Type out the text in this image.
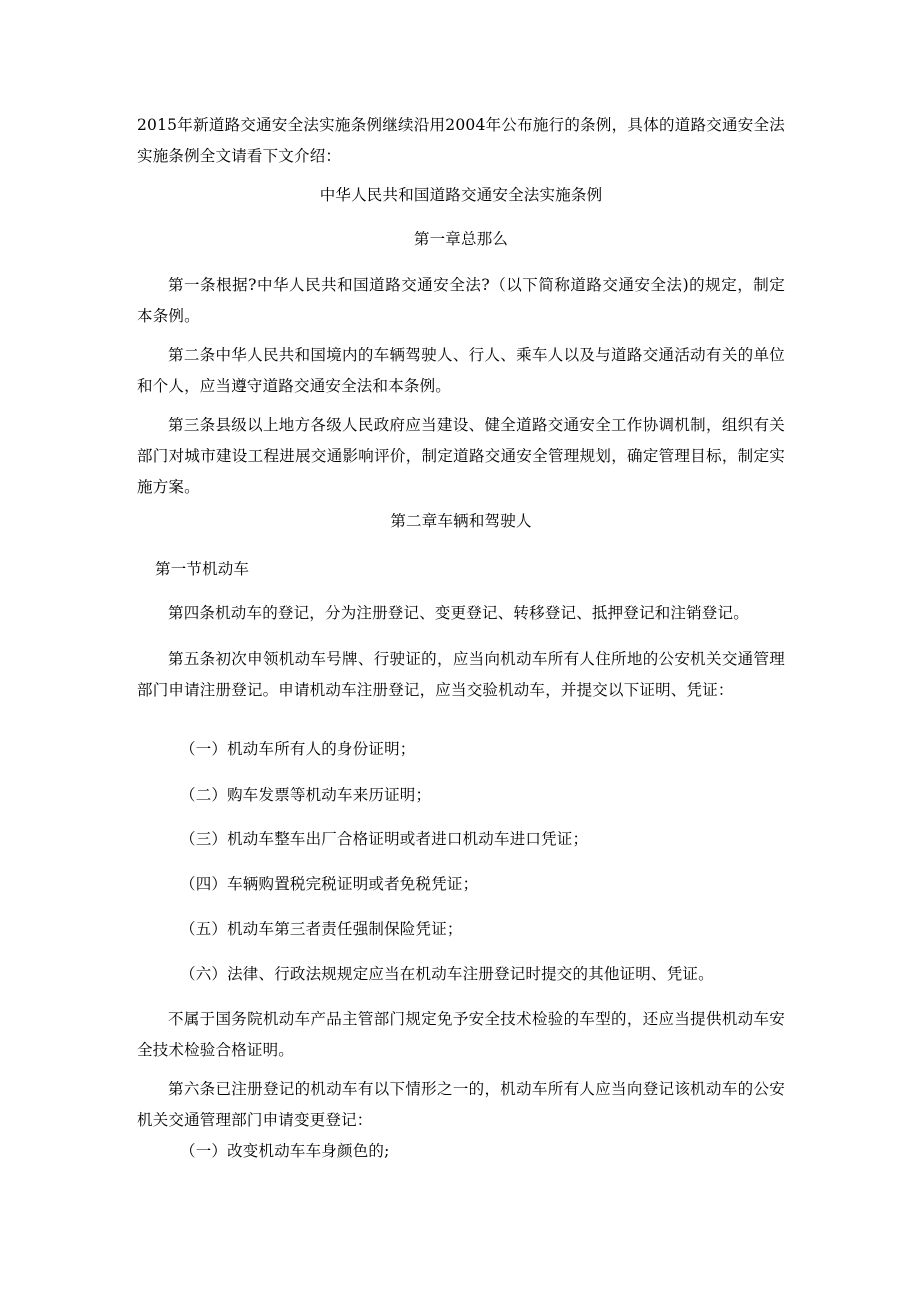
2015年新道路交通安全法实施条例继续沿用2004年公布施行的条例，具体的道路交通安全法实施条例全文请看下文介绍：

中华人民共和国道路交通安全法实施条例

第一章总那么

第一条根据?中华人民共和国道路交通安全法?（以下简称道路交通安全法)的规定，制定本条例。

第二条中华人民共和国境内的车辆驾驶人、行人、乘车人以及与道路交通活动有关的单位和个人，应当遵守道路交通安全法和本条例。

第三条县级以上地方各级人民政府应当建设、健全道路交通安全工作协调机制，组织有关部门对城市建设工程进展交通影响评价，制定道路交通安全管理规划，确定管理目标，制定实施方案。

第二章车辆和驾驶人

第一节机动车

第四条机动车的登记，分为注册登记、变更登记、转移登记、抵押登记和注销登记。

第五条初次申领机动车号牌、行驶证的，应当向机动车所有人住所地的公安机关交通管理部门申请注册登记。申请机动车注册登记，应当交验机动车，并提交以下证明、凭证：

（一）机动车所有人的身份证明；

（二）购车发票等机动车来历证明；

（三）机动车整车出厂合格证明或者进口机动车进口凭证；

（四）车辆购置税完税证明或者免税凭证；

（五）机动车第三者责任强制保险凭证；

（六）法律、行政法规规定应当在机动车注册登记时提交的其他证明、凭证。

不属于国务院机动车产品主管部门规定免予安全技术检验的车型的，还应当提供机动车安全技术检验合格证明。

第六条已注册登记的机动车有以下情形之一的，机动车所有人应当向登记该机动车的公安机关交通管理部门申请变更登记：

（一）改变机动车车身颜色的;
